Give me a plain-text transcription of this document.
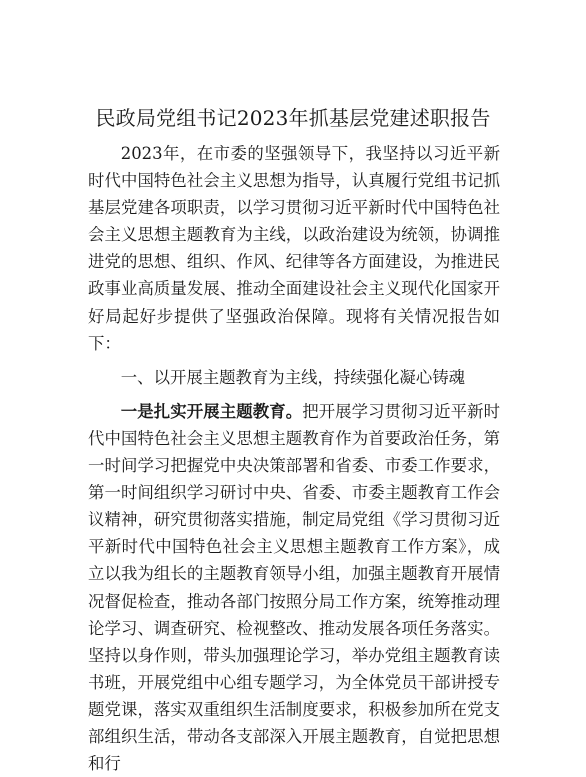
民政局党组书记2023年抓基层党建述职报告

2023年，在市委的坚强领导下，我坚持以习近平新时代中国特色社会主义思想为指导，认真履行党组书记抓基层党建各项职责，以学习贯彻习近平新时代中国特色社会主义思想主题教育为主线，以政治建设为统领，协调推进党的思想、组织、作风、纪律等各方面建设，为推进民政事业高质量发展、推动全面建设社会主义现代化国家开好局起好步提供了坚强政治保障。现将有关情况报告如下：

一、以开展主题教育为主线，持续强化凝心铸魂

一是扎实开展主题教育。把开展学习贯彻习近平新时代中国特色社会主义思想主题教育作为首要政治任务，第一时间学习把握党中央决策部署和省委、市委工作要求，第一时间组织学习研讨中央、省委、市委主题教育工作会议精神，研究贯彻落实措施，制定局党组《学习贯彻习近平新时代中国特色社会主义思想主题教育工作方案》，成立以我为组长的主题教育领导小组，加强主题教育开展情况督促检查，推动各部门按照分局工作方案，统筹推动理论学习、调查研究、检视整改、推动发展各项任务落实。坚持以身作则，带头加强理论学习，举办党组主题教育读书班，开展党组中心组专题学习，为全体党员干部讲授专题党课，落实双重组织生活制度要求，积极参加所在党支部组织生活，带动各支部深入开展主题教育，自觉把思想和行
